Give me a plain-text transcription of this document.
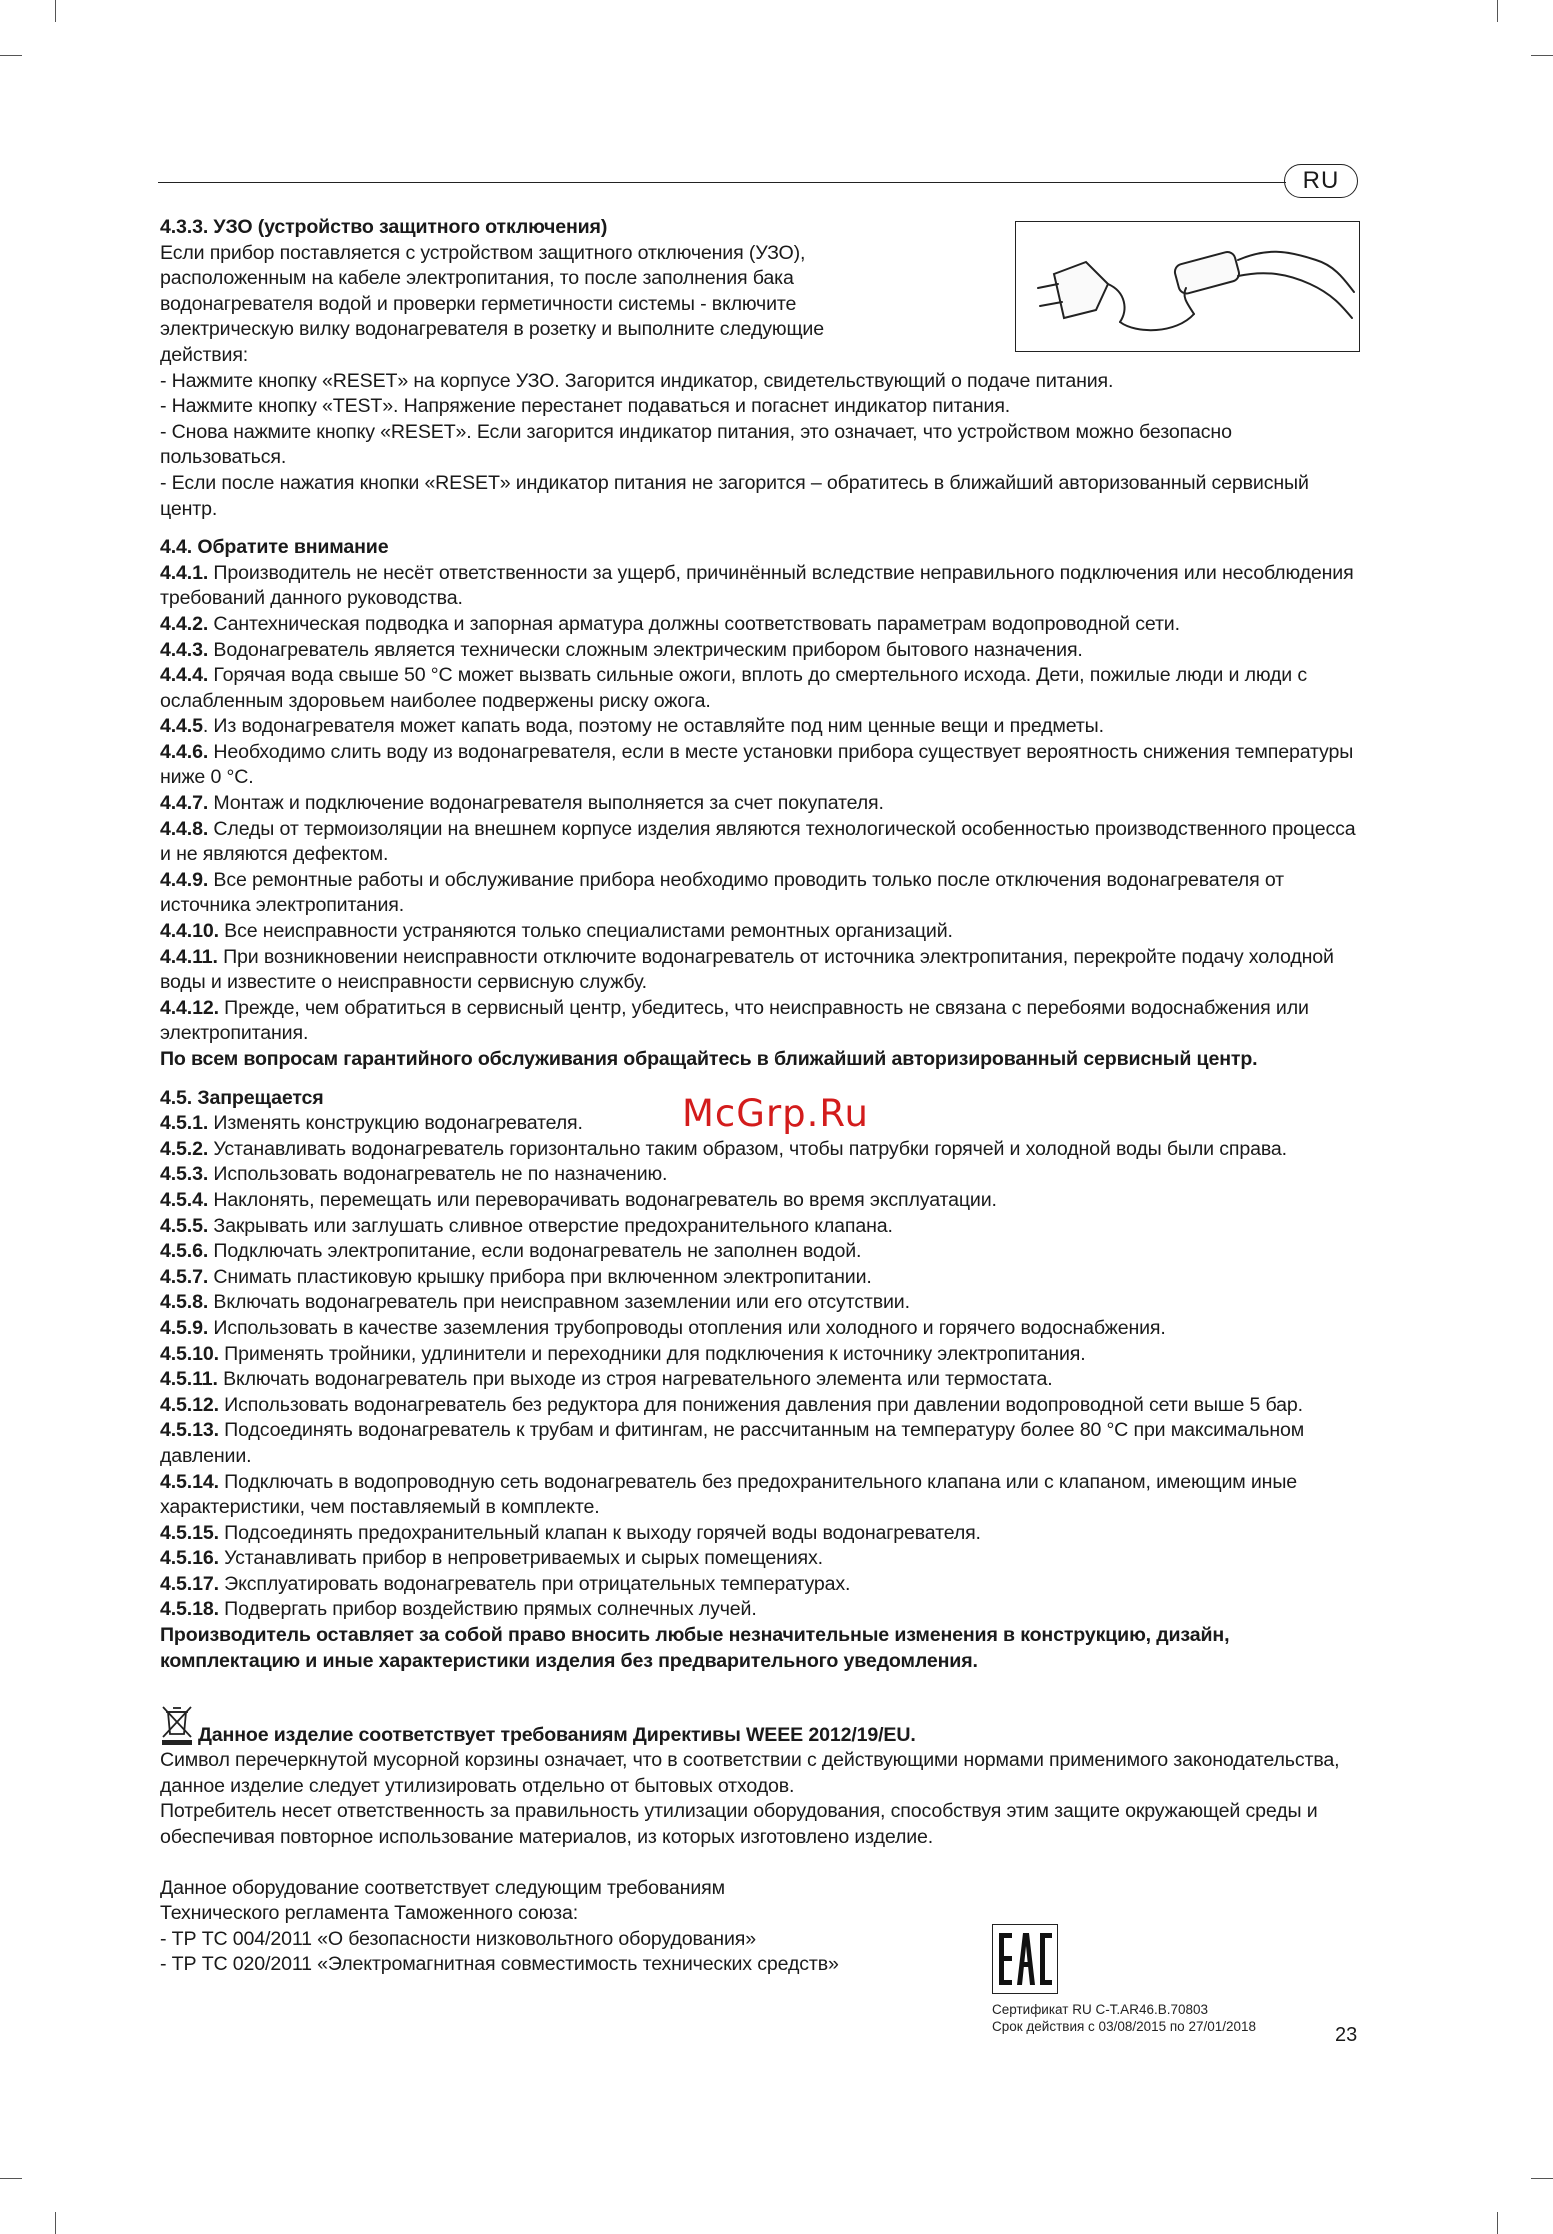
RU
McGrp.Ru

4.3.3. УЗО (устройство защитного отключения)

Если прибор поставляется с устройством защитного отключения (УЗО),
расположенным на кабеле электропитания, то после заполнения бака
водонагревателя водой и проверки герметичности системы - включите
электрическую вилку водонагревателя в розетку и выполните следующие
действия:

- Нажмите кнопку «RESET» на корпусе УЗО. Загорится индикатор, свидетельствующий о подаче питания.

- Нажмите кнопку «TEST». Напряжение перестанет подаваться и погаснет индикатор питания.

- Снова нажмите кнопку «RESET». Если загорится индикатор питания, это означает, что устройством можно безопасно пользоваться.

- Если после нажатия кнопки «RESET» индикатор питания не загорится – обратитесь в ближайший авторизованный сервисный центр.

4.4. Обратите внимание

4.4.1. Производитель не несёт ответственности за ущерб, причинённый вследствие неправильного подключения или несоблюдения требований данного руководства.

4.4.2. Сантехническая подводка и запорная арматура должны соответствовать параметрам водопроводной сети.

4.4.3. Водонагреватель является технически сложным электрическим прибором бытового назначения.

4.4.4. Горячая вода свыше 50 °С может вызвать сильные ожоги, вплоть до смертельного исхода. Дети, пожилые люди и люди с ослабленным здоровьем наиболее подвержены риску ожога.

4.4.5. Из водонагревателя может капать вода, поэтому не оставляйте под ним ценные вещи и предметы.

4.4.6. Необходимо слить воду из водонагревателя, если в месте установки прибора существует вероятность снижения температуры ниже 0 °С.

4.4.7. Монтаж и подключение водонагревателя выполняется за счет покупателя.

4.4.8. Следы от термоизоляции на внешнем корпусе изделия являются технологической особенностью производственного процесса и не являются дефектом.

4.4.9. Все ремонтные работы и обслуживание прибора необходимо проводить только после отключения водонагревателя от источника электропитания.

4.4.10. Все неисправности устраняются только специалистами ремонтных организаций.

4.4.11. При возникновении неисправности отключите водонагреватель от источника электропитания, перекройте подачу холодной воды и известите о неисправности сервисную службу.

4.4.12. Прежде, чем обратиться в сервисный центр, убедитесь, что неисправность не связана с перебоями водоснабжения или электропитания.

По всем вопросам гарантийного обслуживания обращайтесь в ближайший авторизированный сервисный центр.

4.5. Запрещается

4.5.1. Изменять конструкцию водонагревателя.

4.5.2. Устанавливать водонагреватель горизонтально таким образом, чтобы патрубки горячей и холодной воды были справа.

4.5.3. Использовать водонагреватель не по назначению.

4.5.4. Наклонять, перемещать или переворачивать водонагреватель во время эксплуатации.

4.5.5. Закрывать или заглушать сливное отверстие предохранительного клапана.

4.5.6. Подключать электропитание, если водонагреватель не заполнен водой.

4.5.7. Снимать пластиковую крышку прибора при включенном электропитании.

4.5.8. Включать водонагреватель при неисправном заземлении или его отсутствии.

4.5.9. Использовать в качестве заземления трубопроводы отопления или холодного и горячего водоснабжения.

4.5.10. Применять тройники, удлинители и переходники для подключения к источнику электропитания.

4.5.11. Включать водонагреватель при выходе из строя нагревательного элемента или термостата.

4.5.12. Использовать водонагреватель без редуктора для понижения давления при давлении водопроводной сети выше 5 бар.

4.5.13. Подсоединять водонагреватель к трубам и фитингам, не рассчитанным на температуру более 80 °С при максимальном давлении.

4.5.14. Подключать в водопроводную сеть водонагреватель без предохранительного клапана или с клапаном, имеющим иные характеристики, чем поставляемый в комплекте.

4.5.15. Подсоединять предохранительный клапан к выходу горячей воды водонагревателя.

4.5.16. Устанавливать прибор в непроветриваемых и сырых помещениях.

4.5.17. Эксплуатировать водонагреватель при отрицательных температурах.

4.5.18. Подвергать прибор воздействию прямых солнечных лучей.

Производитель оставляет за собой право вносить любые незначительные изменения в конструкцию, дизайн, комплектацию и иные характеристики изделия без предварительного уведомления.

Данное изделие соответствует требованиям Директивы WEEE 2012/19/EU.

Символ перечеркнутой мусорной корзины означает, что в соответствии с действующими нормами применимого законодательства, данное изделие следует утилизировать отдельно от бытовых отходов.

Потребитель несет ответственность за правильность утилизации оборудования, способствуя этим защите окружающей среды и обеспечивая повторное использование материалов, из которых изготовлено изделие.

Данное оборудование соответствует следующим требованиям
Технического регламента Таможенного союза:
- ТР ТС 004/2011 «О безопасности низковольтного оборудования»
- ТР ТС 020/2011 «Электромагнитная совместимость технических средств»
Сертификат RU C-T.AR46.B.70803
Срок действия с 03/08/2015 по 27/01/2018	23
